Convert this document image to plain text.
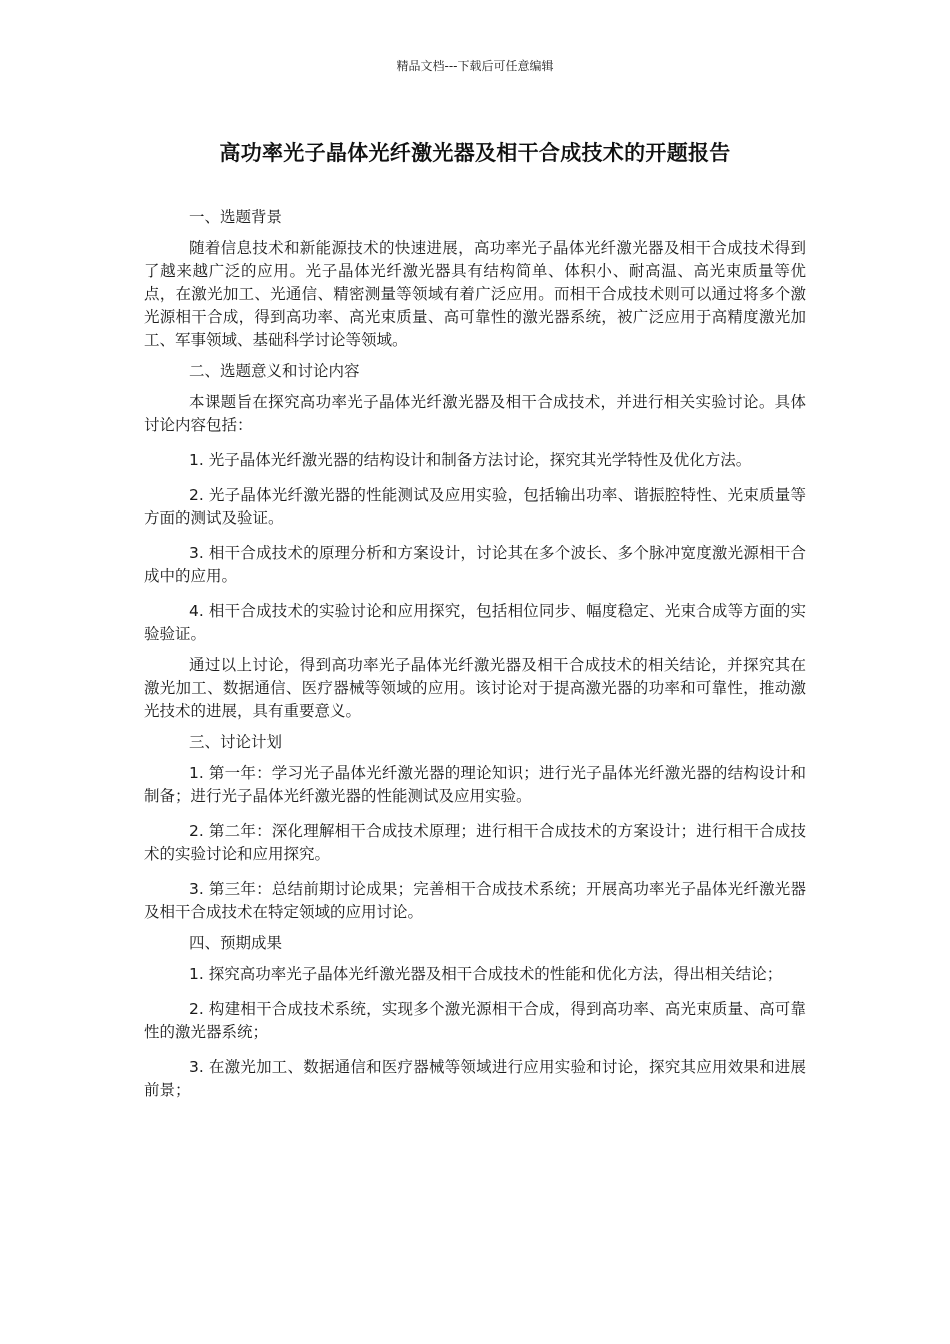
精品文档---下载后可任意编辑
高功率光子晶体光纤激光器及相干合成技术的开题报告

一、选题背景

随着信息技术和新能源技术的快速进展，高功率光子晶体光纤激光器及相干合成技术得到了越来越广泛的应用。光子晶体光纤激光器具有结构简单、体积小、耐高温、高光束质量等优点，在激光加工、光通信、精密测量等领域有着广泛应用。而相干合成技术则可以通过将多个激光源相干合成，得到高功率、高光束质量、高可靠性的激光器系统，被广泛应用于高精度激光加工、军事领域、基础科学讨论等领域。

二、选题意义和讨论内容

本课题旨在探究高功率光子晶体光纤激光器及相干合成技术，并进行相关实验讨论。具体讨论内容包括：

1. 光子晶体光纤激光器的结构设计和制备方法讨论，探究其光学特性及优化方法。

2. 光子晶体光纤激光器的性能测试及应用实验，包括输出功率、谐振腔特性、光束质量等方面的测试及验证。

3. 相干合成技术的原理分析和方案设计，讨论其在多个波长、多个脉冲宽度激光源相干合成中的应用。

4. 相干合成技术的实验讨论和应用探究，包括相位同步、幅度稳定、光束合成等方面的实验验证。

通过以上讨论，得到高功率光子晶体光纤激光器及相干合成技术的相关结论，并探究其在激光加工、数据通信、医疗器械等领域的应用。该讨论对于提高激光器的功率和可靠性，推动激光技术的进展，具有重要意义。

三、讨论计划

1. 第一年：学习光子晶体光纤激光器的理论知识；进行光子晶体光纤激光器的结构设计和制备；进行光子晶体光纤激光器的性能测试及应用实验。

2. 第二年：深化理解相干合成技术原理；进行相干合成技术的方案设计；进行相干合成技术的实验讨论和应用探究。

3. 第三年：总结前期讨论成果；完善相干合成技术系统；开展高功率光子晶体光纤激光器及相干合成技术在特定领域的应用讨论。

四、预期成果

1. 探究高功率光子晶体光纤激光器及相干合成技术的性能和优化方法，得出相关结论；

2. 构建相干合成技术系统，实现多个激光源相干合成，得到高功率、高光束质量、高可靠性的激光器系统；

3. 在激光加工、数据通信和医疗器械等领域进行应用实验和讨论，探究其应用效果和进展前景；
